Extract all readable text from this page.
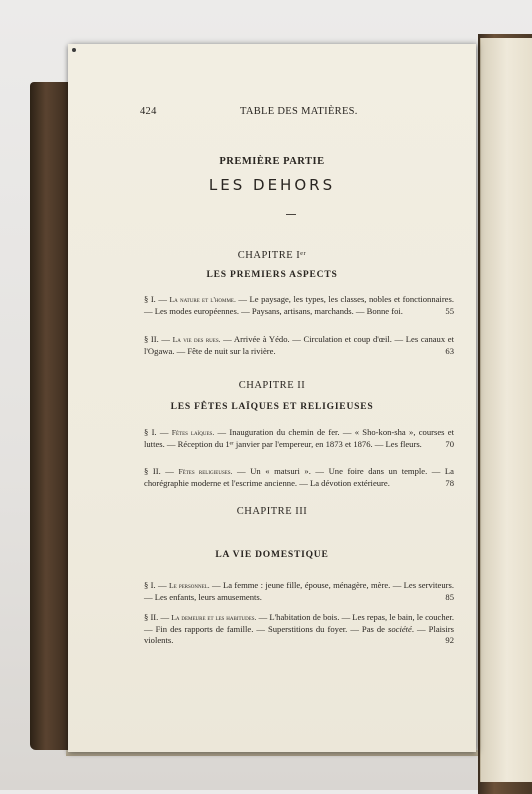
424	TABLE DES MATIÈRES.
PREMIÈRE PARTIE
LES DEHORS
CHAPITRE Iᵉʳ
LES PREMIERS ASPECTS
§ I. — La nature et l'homme. — Le paysage, les types, les classes, nobles et fonctionnaires. — Les modes européennes. — Paysans, artisans, marchands. — Bonne foi.	55
§ II. — La vie des rues. — Arrivée à Yédo. — Circulation et coup d'œil. — Les canaux et l'Ogawa. — Fête de nuit sur la rivière.	63
CHAPITRE II
LES FÊTES LAÏQUES ET RELIGIEUSES
§ I. — Fêtes laïques. — Inauguration du chemin de fer. — « Sho-kon-sha », courses et luttes. — Réception du 1ᵉʳ janvier par l'empereur, en 1873 et 1876. — Les fleurs.	70
§ II. — Fêtes religieuses. — Un « matsuri ». — Une foire dans un temple. — La chorégraphie moderne et l'escrime ancienne. — La dévotion extérieure.	78
CHAPITRE III
LA VIE DOMESTIQUE
§ I. — Le personnel. — La femme : jeune fille, épouse, ménagère, mère. — Les serviteurs. — Les enfants, leurs amusements.	85
§ II. — La demeure et les habitudes. — L'habitation de bois. — Les repas, le bain, le coucher. — Fin des rapports de famille. — Superstitions du foyer. — Pas de société. — Plaisirs violents.	92
